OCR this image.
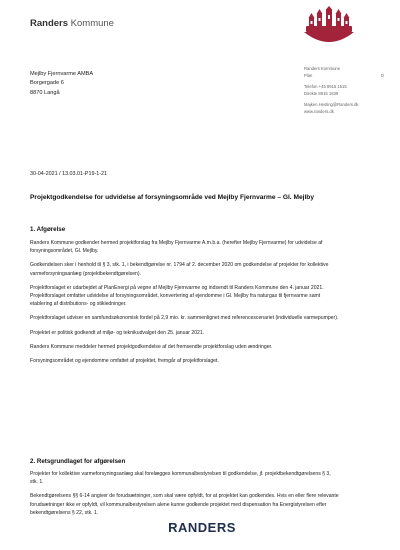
Randers Kommune
Mejlby Fjernvarme AMBA
Borgergade 6
8870 Langå
Randers Kommune
Plan	D
Telefon +45 8915 1515
Direkte 8915 1839
Majken.Hesting@Randers.dk
www.randers.dk
30-04-2021 / 13.03.01-P19-1-21
Projektgodkendelse for udvidelse af forsyningsområde ved Mejlby Fjernvarme – Gl. Mejlby
1. Afgørelse

Randers Kommune godkender hermed projektforslag fra Mejlby Fjernvarme A.m.b.a. (herefter Mejlby Fjernvarme) for udvidelse af forsyningsområdet, Gl. Mejlby.

Godkendelsen sker i henhold til § 3, stk. 1, i bekendtgørelse nr. 1794 af 2. december 2020 om godkendelse af projekter for kollektive varmeforsyningsanlæg (projektbekendtgørelsen).

Projektforslaget er udarbejdet af PlanEnergi på vegne af Mejlby Fjernvarme og indsendt til Randers Kommune den 4. januar 2021. Projektforslaget omfatter udvidelse af forsyningsområdet, konvertering af ejendomme i Gl. Mejlby fra naturgas til fjernvarme samt etablering af distributions- og stikledninger.

Projektforslaget udviser en samfundsøkonomisk fordel på 2,9 mio. kr. sammenlignet med referencescenariet (individuelle varmepumper).

Projektet er politisk godkendt af miljø- og teknikudvalget den 25. januar 2021.

Randers Kommune meddeler hermed projektgodkendelse af det fremsendte projektforslag uden ændringer.

Forsyningsområdet og ejendomme omfattet af projektet, fremgår af projektforslaget.

2. Retsgrundlaget for afgørelsen

Projekter for kollektive varmeforsyningsanlæg skal forelægges kommunalbestyrelsen til godkendelse, jf. projektbekendtgørelsens § 3, stk. 1.

Bekendtgørelsens §§ 6-14 angiver de forudsætninger, som skal være opfyldt, for at projektet kan godkendes. Hvis en eller flere relevante forudsætninger ikke er opfyldt, vil kommunalbestyrelsen alene kunne godkende projektet med dispensation fra Energistyrelsen efter bekendtgørelsens § 22, stk. 1.

RANDERS
